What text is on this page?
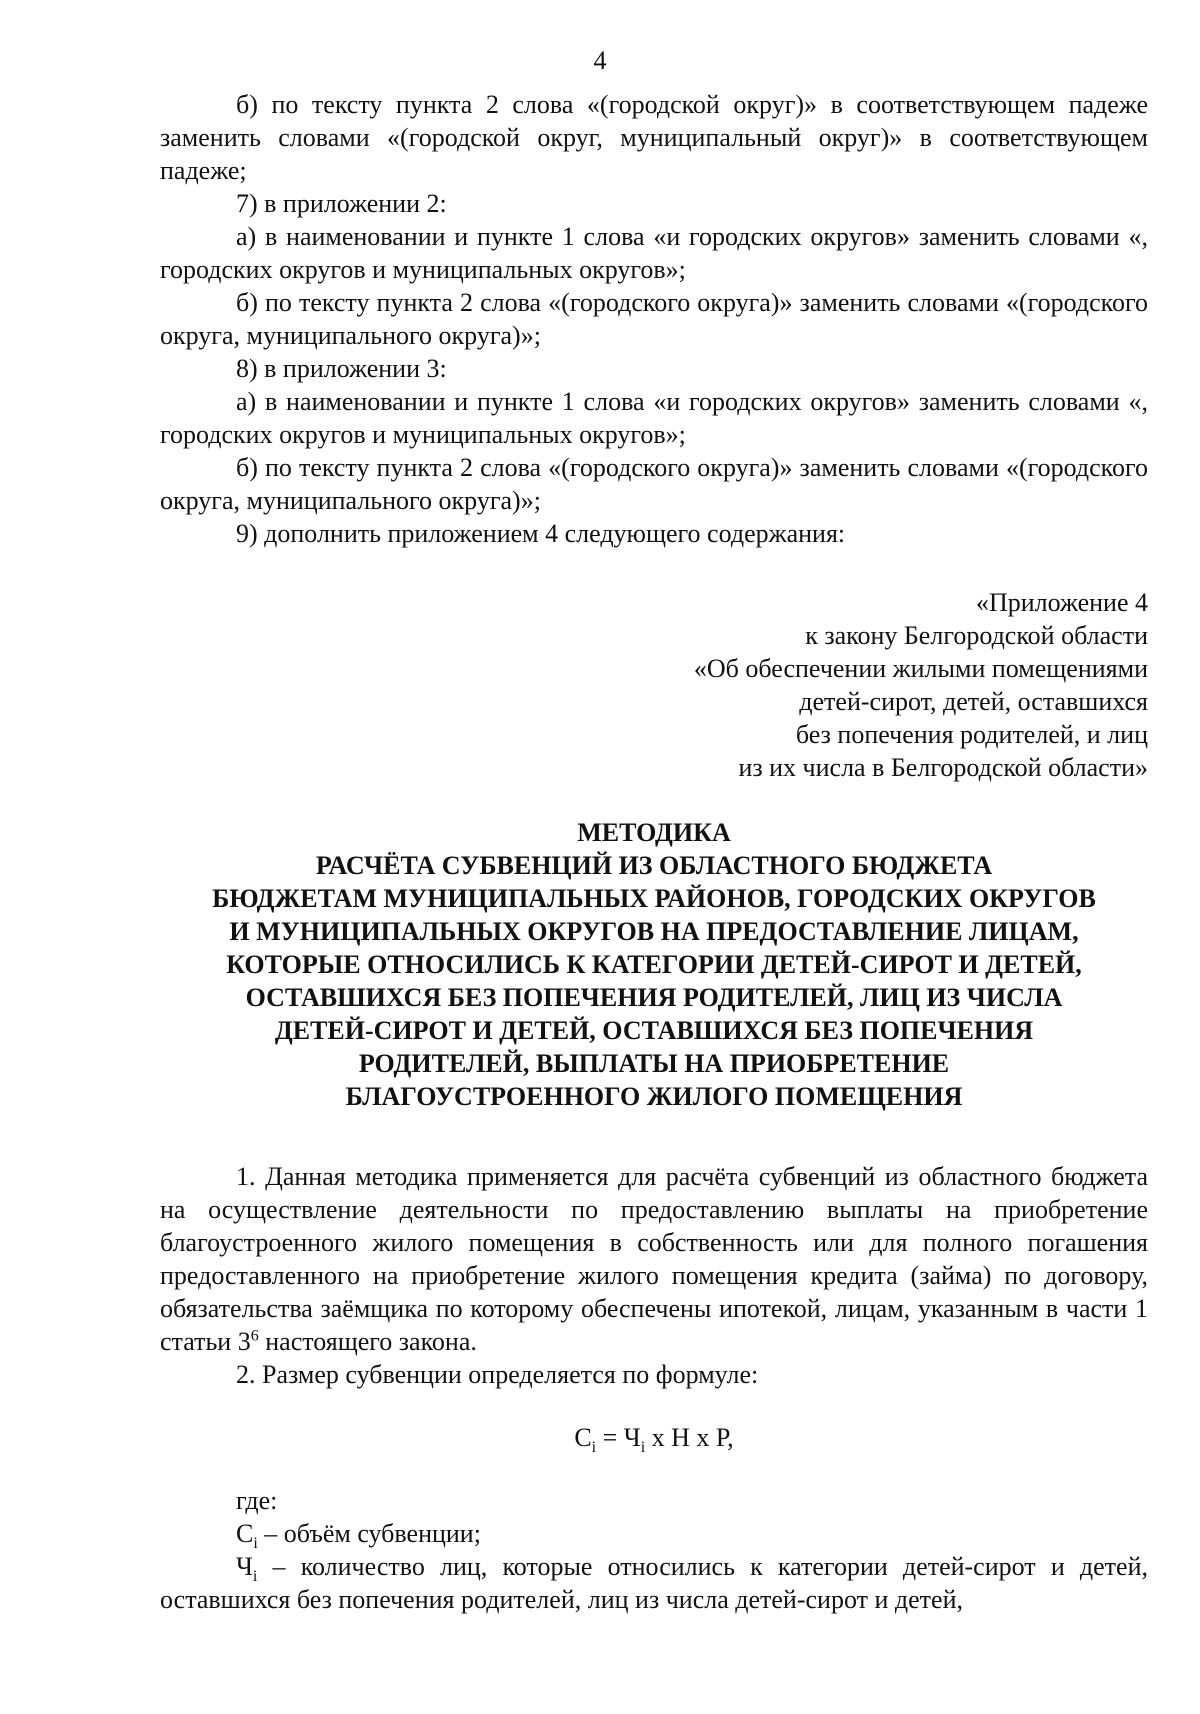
4

б) по тексту пункта 2 слова «(городской округ)» в соответствующем падеже заменить словами «(городской округ, муниципальный округ)» в соответствующем падеже;

7) в приложении 2:

а) в наименовании и пункте 1 слова «и городских округов» заменить словами «, городских округов и муниципальных округов»;

б) по тексту пункта 2 слова «(городского округа)» заменить словами «(городского округа, муниципального округа)»;

8) в приложении 3:

а) в наименовании и пункте 1 слова «и городских округов» заменить словами «, городских округов и муниципальных округов»;

б) по тексту пункта 2 слова «(городского округа)» заменить словами «(городского округа, муниципального округа)»;

9) дополнить приложением 4 следующего содержания:

«Приложение 4
к закону Белгородской области
«Об обеспечении жилыми помещениями
детей-сирот, детей, оставшихся
без попечения родителей, и лиц
из их числа в Белгородской области»
МЕТОДИКА
РАСЧЁТА СУБВЕНЦИЙ ИЗ ОБЛАСТНОГО БЮДЖЕТА
БЮДЖЕТАМ МУНИЦИПАЛЬНЫХ РАЙОНОВ, ГОРОДСКИХ ОКРУГОВ
И МУНИЦИПАЛЬНЫХ ОКРУГОВ НА ПРЕДОСТАВЛЕНИЕ ЛИЦАМ,
КОТОРЫЕ ОТНОСИЛИСЬ К КАТЕГОРИИ ДЕТЕЙ-СИРОТ И ДЕТЕЙ,
ОСТАВШИХСЯ БЕЗ ПОПЕЧЕНИЯ РОДИТЕЛЕЙ, ЛИЦ ИЗ ЧИСЛА
ДЕТЕЙ-СИРОТ И ДЕТЕЙ, ОСТАВШИХСЯ БЕЗ ПОПЕЧЕНИЯ
РОДИТЕЛЕЙ, ВЫПЛАТЫ НА ПРИОБРЕТЕНИЕ
БЛАГОУСТРОЕННОГО ЖИЛОГО ПОМЕЩЕНИЯ

1. Данная методика применяется для расчёта субвенций из областного бюджета на осуществление деятельности по предоставлению выплаты на приобретение благоустроенного жилого помещения в собственность или для полного погашения предоставленного на приобретение жилого помещения кредита (займа) по договору, обязательства заёмщика по которому обеспечены ипотекой, лицам, указанным в части 1 статьи $3^6$ настоящего закона.

2. Размер субвенции определяется по формуле:

$С_i = Ч_i$ х Н х Р,

где:

$С_i$ – объём субвенции;

$Ч_i$ – количество лиц, которые относились к категории детей-сирот и детей, оставшихся без попечения родителей, лиц из числа детей-сирот и детей,
